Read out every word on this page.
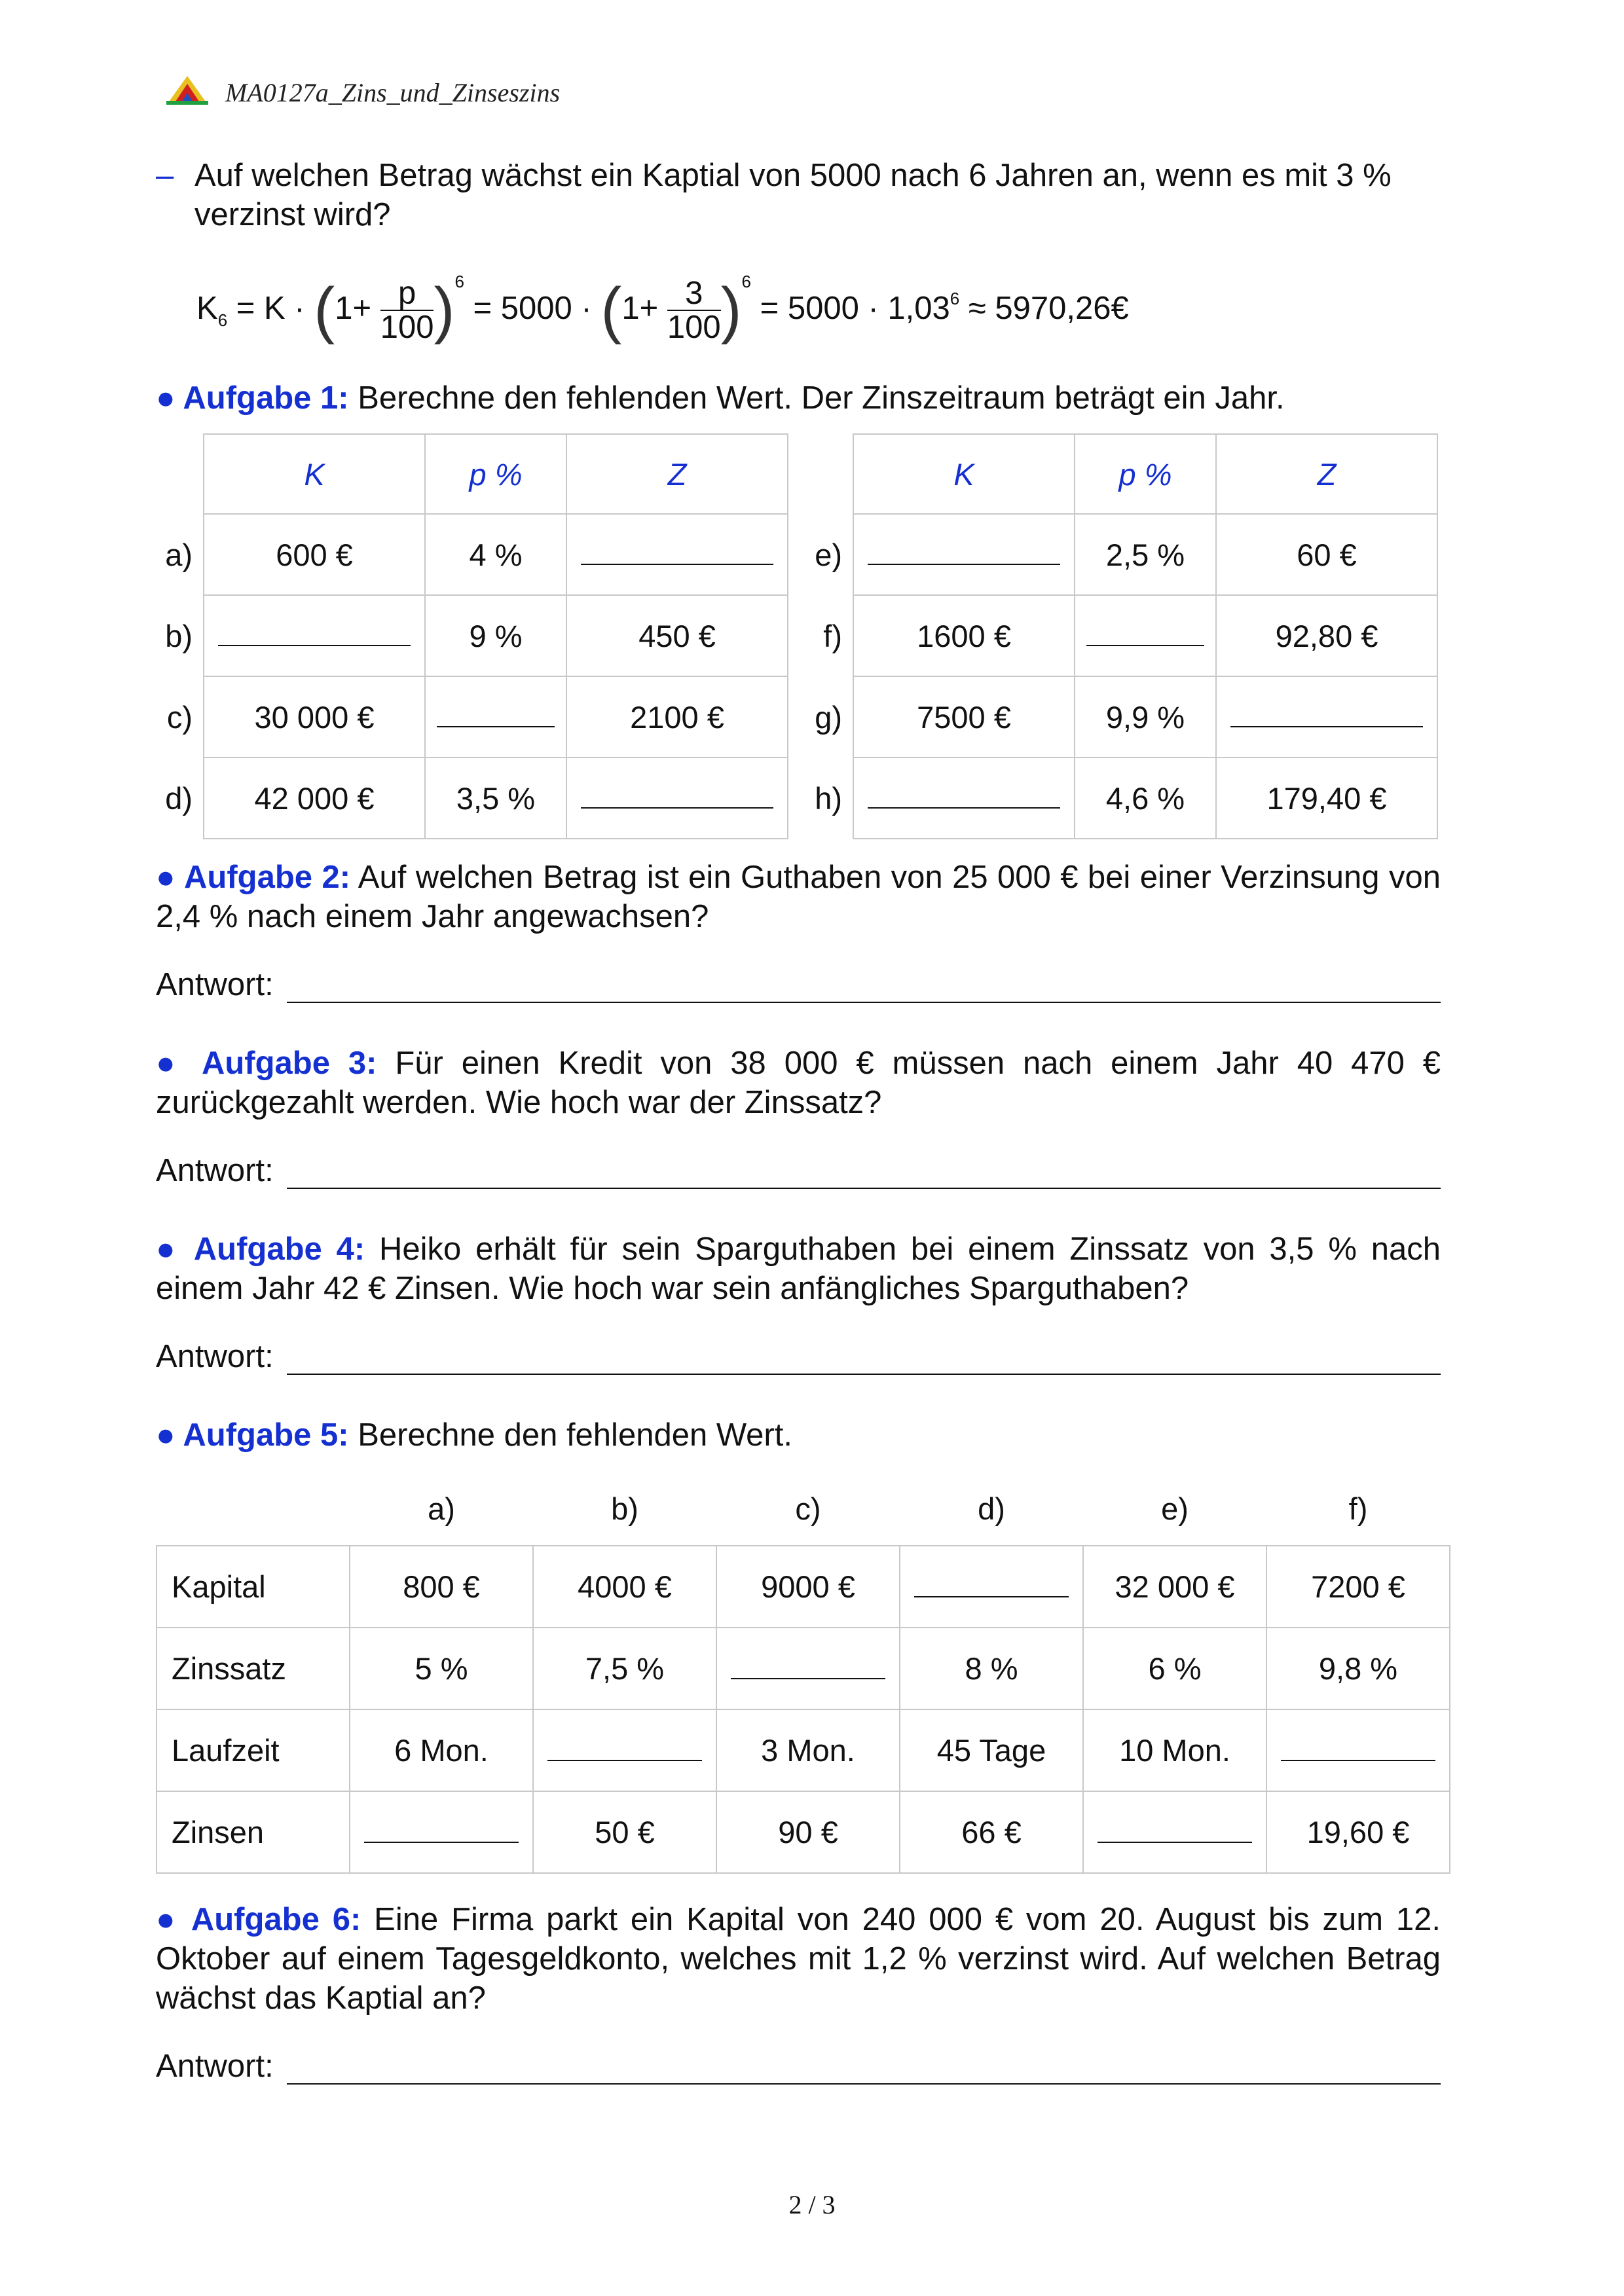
MA0127a_Zins_und_Zinseszins
– Auf welchen Betrag wächst ein Kaptial von 5000 nach 6 Jahren an, wenn es mit 3 % verzinst wird?
$K_6 = K \cdot (1+ \frac{p}{100} )^6 = 5000 \cdot (1+ \frac{3}{100} )^6 = 5000 \cdot 1,03^6$ ≈ 5970,26€
● Aufgabe 1: Berechne den fehlenden Wert. Der Zinszeitraum beträgt ein Jahr.
	K	p %	Z
a)	600 €	4 %	
b)		9 %	450 €
c)	30 000 €		2100 €
d)	42 000 €	3,5 %	
	K	p %	Z
e)		2,5 %	60 €
f)	1600 €		92,80 €
g)	7500 €	9,9 %	
h)		4,6 %	179,40 €
● Aufgabe 2: Auf welchen Betrag ist ein Guthaben von 25 000 € bei einer Verzinsung von 2,4 % nach einem Jahr angewachsen?
Antwort:
● Aufgabe 3: Für einen Kredit von 38 000 € müssen nach einem Jahr 40 470 € zurückgezahlt werden. Wie hoch war der Zinssatz?
Antwort:
● Aufgabe 4: Heiko erhält für sein Sparguthaben bei einem Zinssatz von 3,5 % nach einem Jahr 42 € Zinsen. Wie hoch war sein anfängliches Sparguthaben?
Antwort:
● Aufgabe 5: Berechne den fehlenden Wert.
	a)	b)	c)	d)	e)	f)
Kapital	800 €	4000 €	9000 €		32 000 €	7200 €
Zinssatz	5 %	7,5 %		8 %	6 %	9,8 %
Laufzeit	6 Mon.		3 Mon.	45 Tage	10 Mon.	
Zinsen		50 €	90 €	66 €		19,60 €
● Aufgabe 6: Eine Firma parkt ein Kapital von 240 000 € vom 20. August bis zum 12. Oktober auf einem Tagesgeldkonto, welches mit 1,2 % verzinst wird. Auf welchen Betrag wächst das Kaptial an?
Antwort:
2 / 3
